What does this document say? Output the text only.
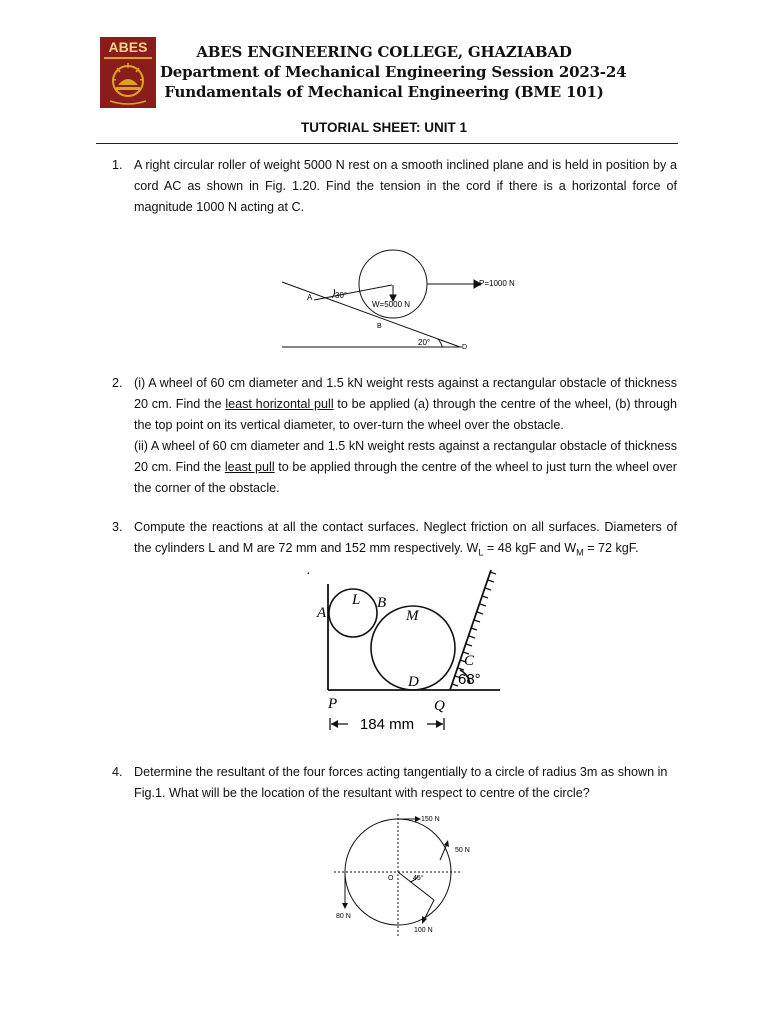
ABES	ABES ENGINEERING COLLEGE, GHAZIABAD
Department of Mechanical Engineering Session 2023-24
Fundamentals of Mechanical Engineering (BME 101)
TUTORIAL SHEET: UNIT 1
1. A right circular roller of weight 5000 N rest on a smooth inclined plane and is held in position by a cord AC as shown in Fig. 1.20. Find the tension in the cord if there is a horizontal force of magnitude 1000 N acting at C.
A	30°
W=5000 N
B
20°
D
P=1000 N
2. (i) A wheel of 60 cm diameter and 1.5 kN weight rests against a rectangular obstacle of thickness 20 cm. Find the least horizontal pull to be applied (a) through the centre of the wheel, (b) through the top point on its vertical diameter, to over-turn the wheel over the obstacle.

(ii) A wheel of 60 cm diameter and 1.5 kN weight rests against a rectangular obstacle of thickness 20 cm. Find the least pull to be applied through the centre of the wheel to just turn the wheel over the corner of the obstacle.

3. Compute the reactions at all the contact surfaces. Neglect friction on all surfaces. Diameters of the cylinders L and M are 72 mm and 152 mm respectively. $W_L = 48$ kgF and $W_M = 72$ kgF.
·
A
L B
M
C
68°
D
P	Q
184 mm
4. Determine the resultant of the four forces acting tangentially to a circle of radius 3m as shown in Fig.1. What will be the location of the resultant with respect to centre of the circle?
150 N
50 N
80 N
100 N
O	45°
